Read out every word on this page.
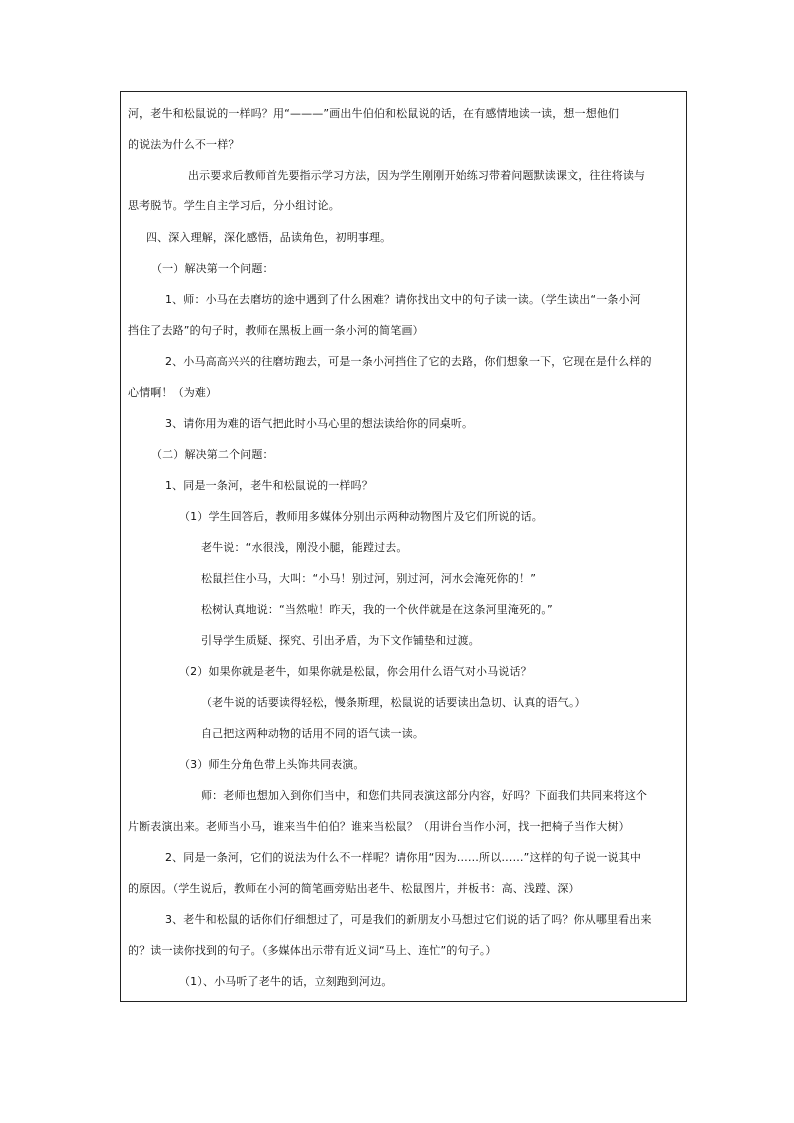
河，老牛和松鼠说的一样吗？用“———”画出牛伯伯和松鼠说的话，在有感情地读一读，想一想他们
的说法为什么不一样？
出示要求后教师首先要指示学习方法，因为学生刚刚开始练习带着问题默读课文，往往将读与
思考脱节。学生自主学习后，分小组讨论。
四、深入理解，深化感悟，品读角色，初明事理。
（一）解决第一个问题：
1、师：小马在去磨坊的途中遇到了什么困难？请你找出文中的句子读一读。（学生读出“一条小河
挡住了去路”的句子时，教师在黑板上画一条小河的简笔画）
2、小马高高兴兴的往磨坊跑去，可是一条小河挡住了它的去路，你们想象一下，它现在是什么样的
心情啊！（为难）
3、请你用为难的语气把此时小马心里的想法读给你的同桌听。
（二）解决第二个问题：
1、同是一条河，老牛和松鼠说的一样吗？
（1）学生回答后，教师用多媒体分别出示两种动物图片及它们所说的话。
老牛说：“水很浅，刚没小腿，能蹚过去。
松鼠拦住小马，大叫：“小马！别过河，别过河，河水会淹死你的！”
松树认真地说：“当然啦！昨天，我的一个伙伴就是在这条河里淹死的。”
引导学生质疑、探究、引出矛盾，为下文作铺垫和过渡。
（2）如果你就是老牛，如果你就是松鼠，你会用什么语气对小马说话？
（老牛说的话要读得轻松，慢条斯理，松鼠说的话要读出急切、认真的语气。）
自己把这两种动物的话用不同的语气读一读。
（3）师生分角色带上头饰共同表演。
师：老师也想加入到你们当中，和您们共同表演这部分内容，好吗？下面我们共同来将这个
片断表演出来。老师当小马，谁来当牛伯伯？谁来当松鼠？（用讲台当作小河，找一把椅子当作大树）
2、同是一条河，它们的说法为什么不一样呢？请你用“因为……所以……”这样的句子说一说其中
的原因。（学生说后，教师在小河的简笔画旁贴出老牛、松鼠图片，并板书：高、浅蹚、深）
3、老牛和松鼠的话你们仔细想过了，可是我们的新朋友小马想过它们说的话了吗？你从哪里看出来
的？读一读你找到的句子。（多媒体出示带有近义词“马上、连忙”的句子。）
（1）、小马听了老牛的话，立刻跑到河边。
